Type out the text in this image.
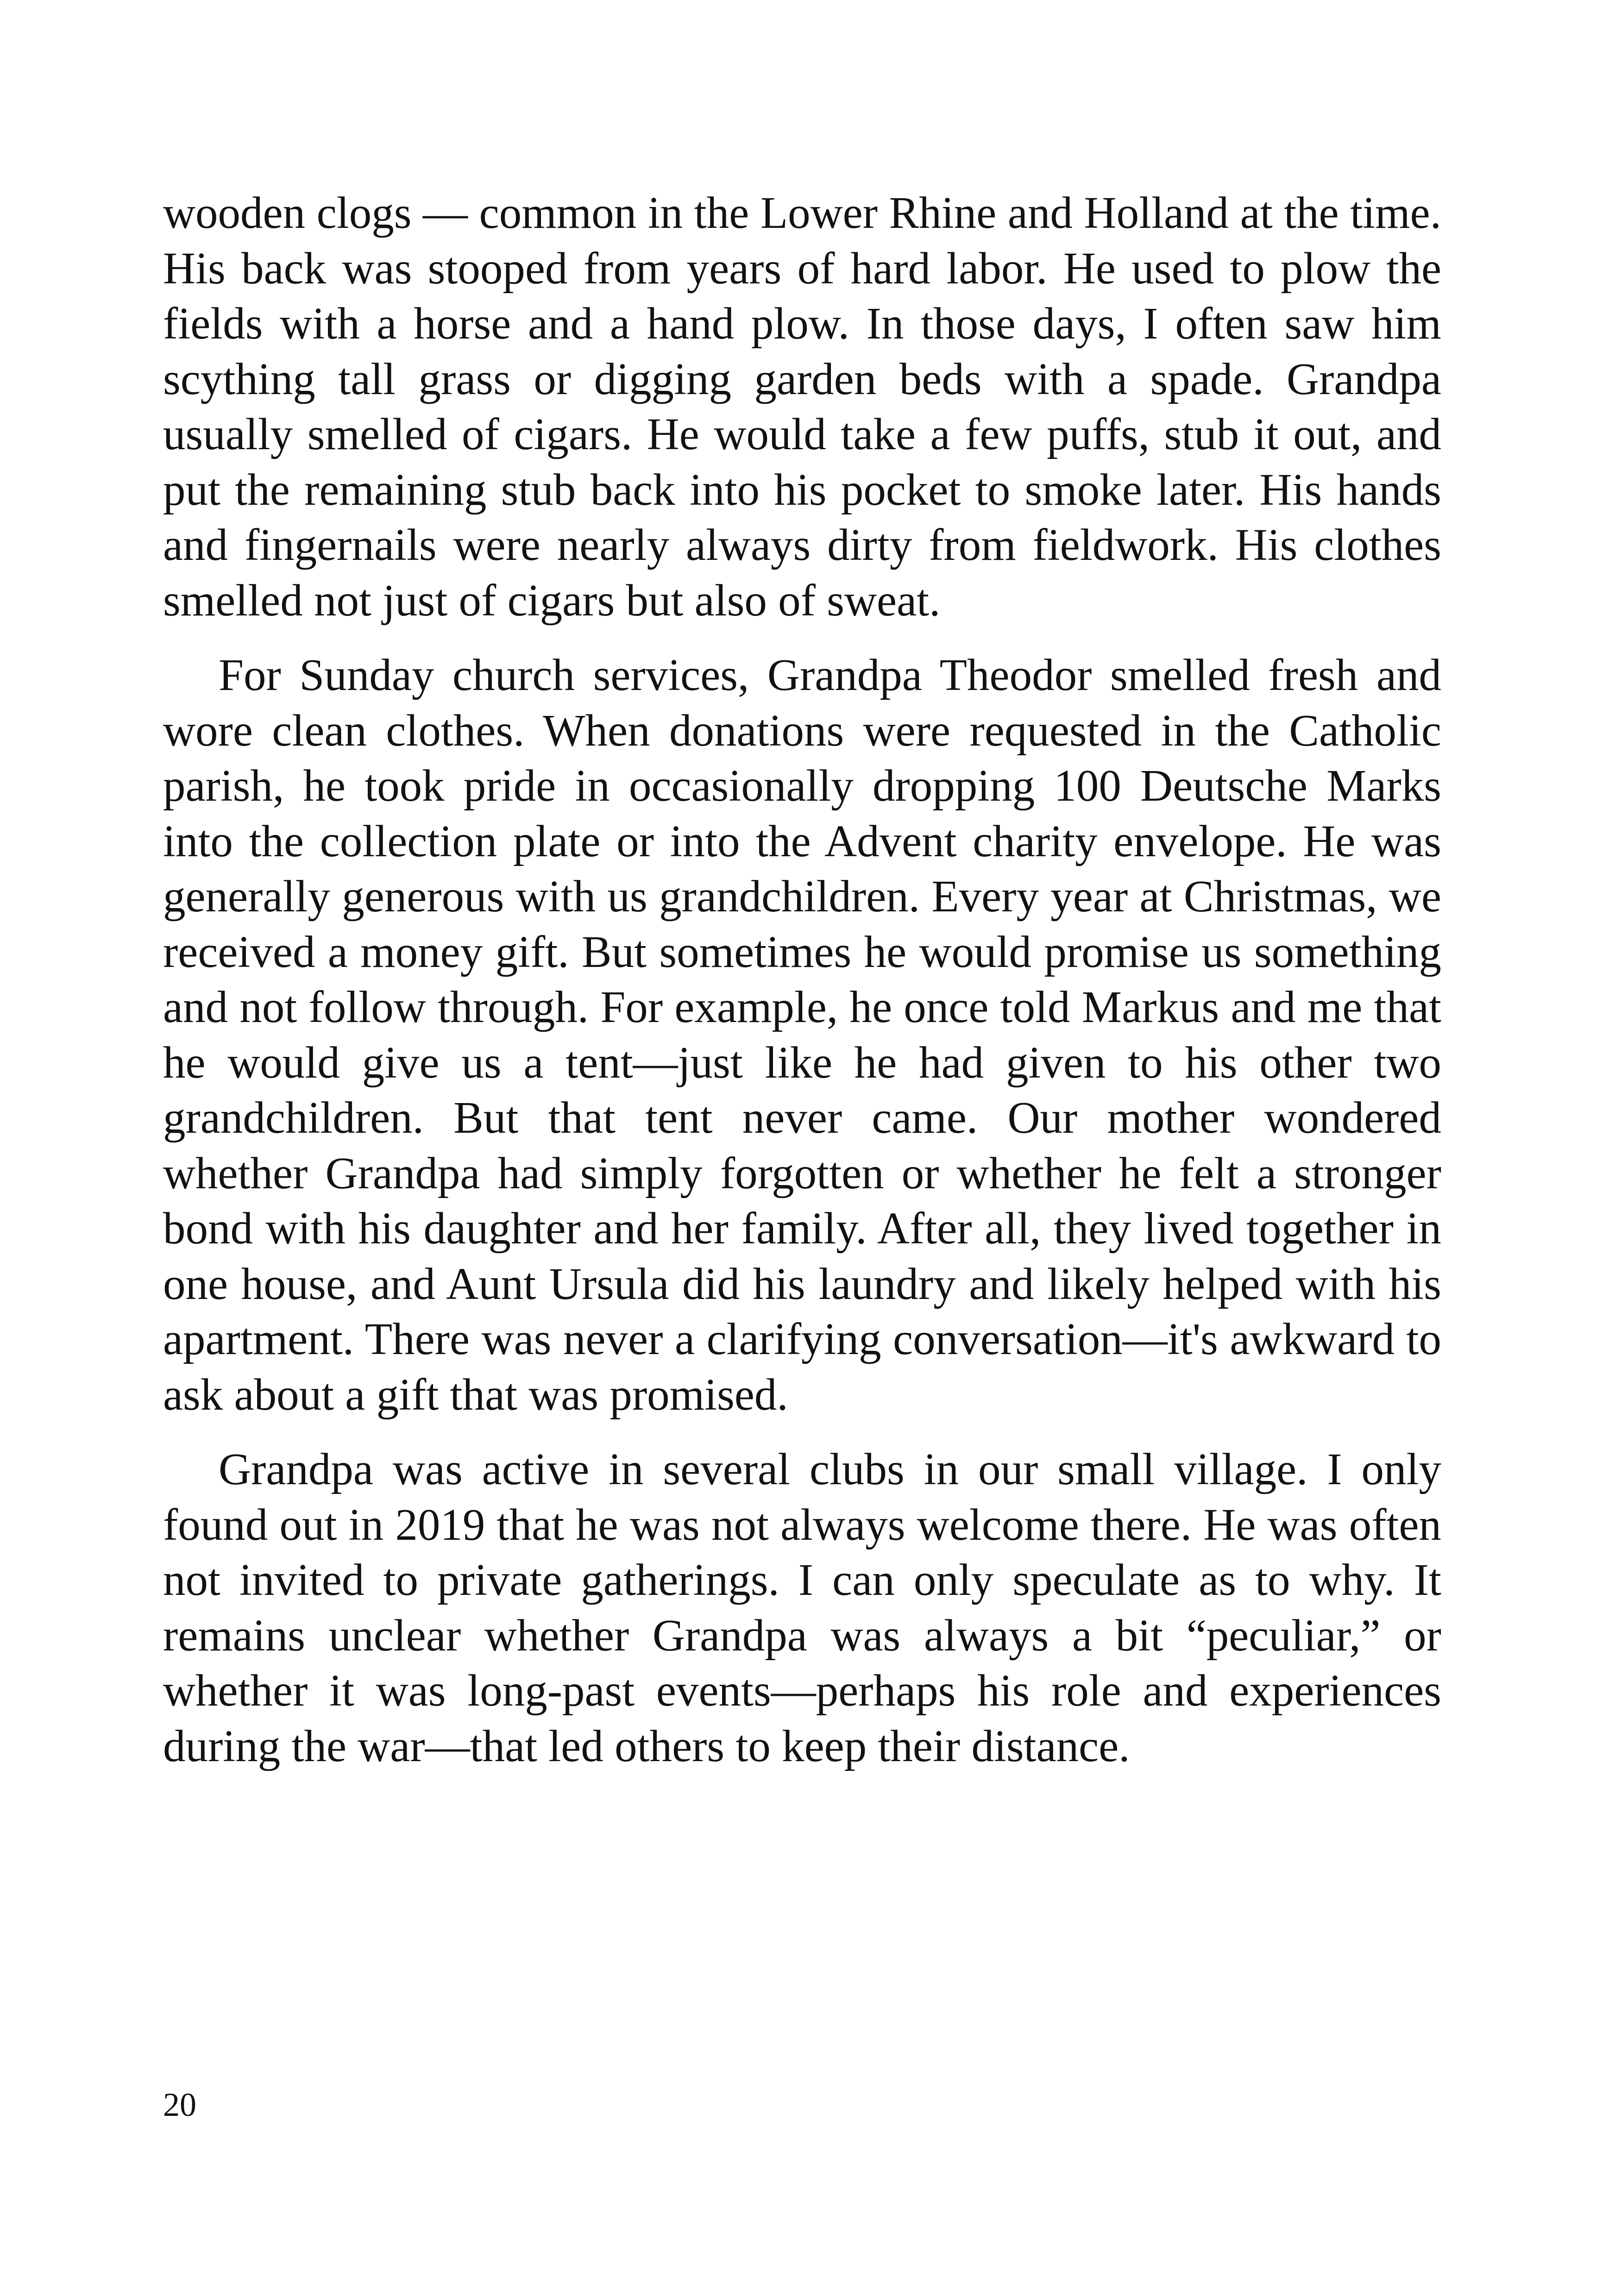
wooden clogs — common in the Lower Rhine and Holland at the time. His back was stooped from years of hard labor. He used to plow the fields with a horse and a hand plow. In those days, I often saw him scything tall grass or digging garden beds with a spade. Grandpa usually smelled of cigars. He would take a few puffs, stub it out, and put the remaining stub back into his pocket to smoke later. His hands and fingernails were nearly always dirty from fieldwork. His clothes smelled not just of cigars but also of sweat.

For Sunday church services, Grandpa Theodor smelled fresh and wore clean clothes. When donations were requested in the Catholic parish, he took pride in occasionally dropping 100 Deutsche Marks into the collection plate or into the Advent charity envelope. He was generally generous with us grandchildren. Every year at Christmas, we received a money gift. But sometimes he would promise us something and not follow through. For example, he once told Markus and me that he would give us a tent—just like he had given to his other two grandchildren. But that tent never came. Our mother wondered whether Grandpa had simply forgotten or whether he felt a stronger bond with his daughter and her family. After all, they lived together in one house, and Aunt Ursula did his laundry and likely helped with his apartment. There was never a clarifying conversation—it's awkward to ask about a gift that was promised.

Grandpa was active in several clubs in our small village. I only found out in 2019 that he was not always welcome there. He was often not invited to private gatherings. I can only speculate as to why. It remains unclear whether Grandpa was always a bit “peculiar,” or whether it was long-past events—perhaps his role and experiences during the war—that led others to keep their distance.

20
